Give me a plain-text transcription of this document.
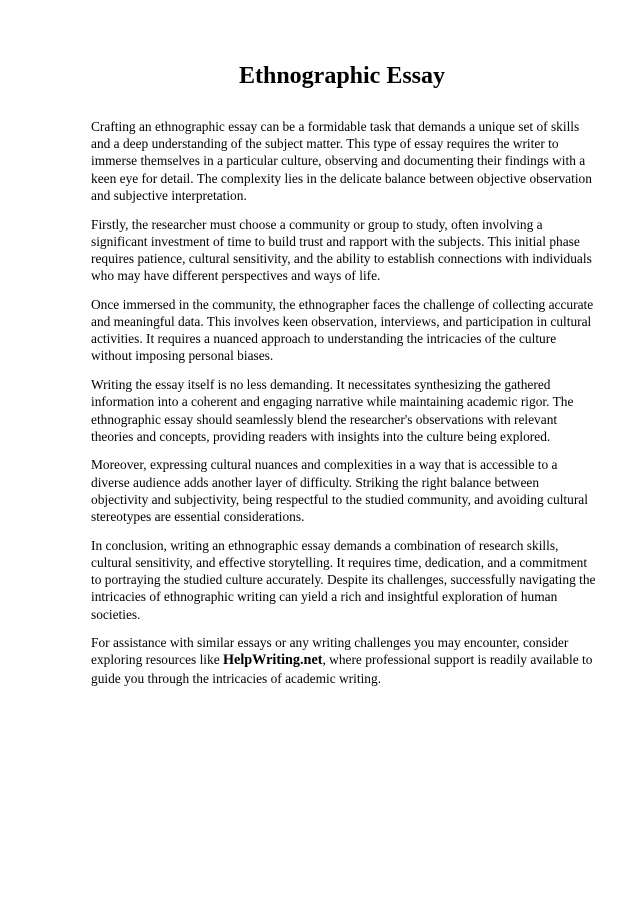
Ethnographic Essay

Crafting an ethnographic essay can be a formidable task that demands a unique set of skills and a deep understanding of the subject matter. This type of essay requires the writer to immerse themselves in a particular culture, observing and documenting their findings with a keen eye for detail. The complexity lies in the delicate balance between objective observation and subjective interpretation.

Firstly, the researcher must choose a community or group to study, often involving a significant investment of time to build trust and rapport with the subjects. This initial phase requires patience, cultural sensitivity, and the ability to establish connections with individuals who may have different perspectives and ways of life.

Once immersed in the community, the ethnographer faces the challenge of collecting accurate and meaningful data. This involves keen observation, interviews, and participation in cultural activities. It requires a nuanced approach to understanding the intricacies of the culture without imposing personal biases.

Writing the essay itself is no less demanding. It necessitates synthesizing the gathered information into a coherent and engaging narrative while maintaining academic rigor. The ethnographic essay should seamlessly blend the researcher's observations with relevant theories and concepts, providing readers with insights into the culture being explored.

Moreover, expressing cultural nuances and complexities in a way that is accessible to a diverse audience adds another layer of difficulty. Striking the right balance between objectivity and subjectivity, being respectful to the studied community, and avoiding cultural stereotypes are essential considerations.

In conclusion, writing an ethnographic essay demands a combination of research skills, cultural sensitivity, and effective storytelling. It requires time, dedication, and a commitment to portraying the studied culture accurately. Despite its challenges, successfully navigating the intricacies of ethnographic writing can yield a rich and insightful exploration of human societies.

For assistance with similar essays or any writing challenges you may encounter, consider exploring resources like HelpWriting.net, where professional support is readily available to guide you through the intricacies of academic writing.
